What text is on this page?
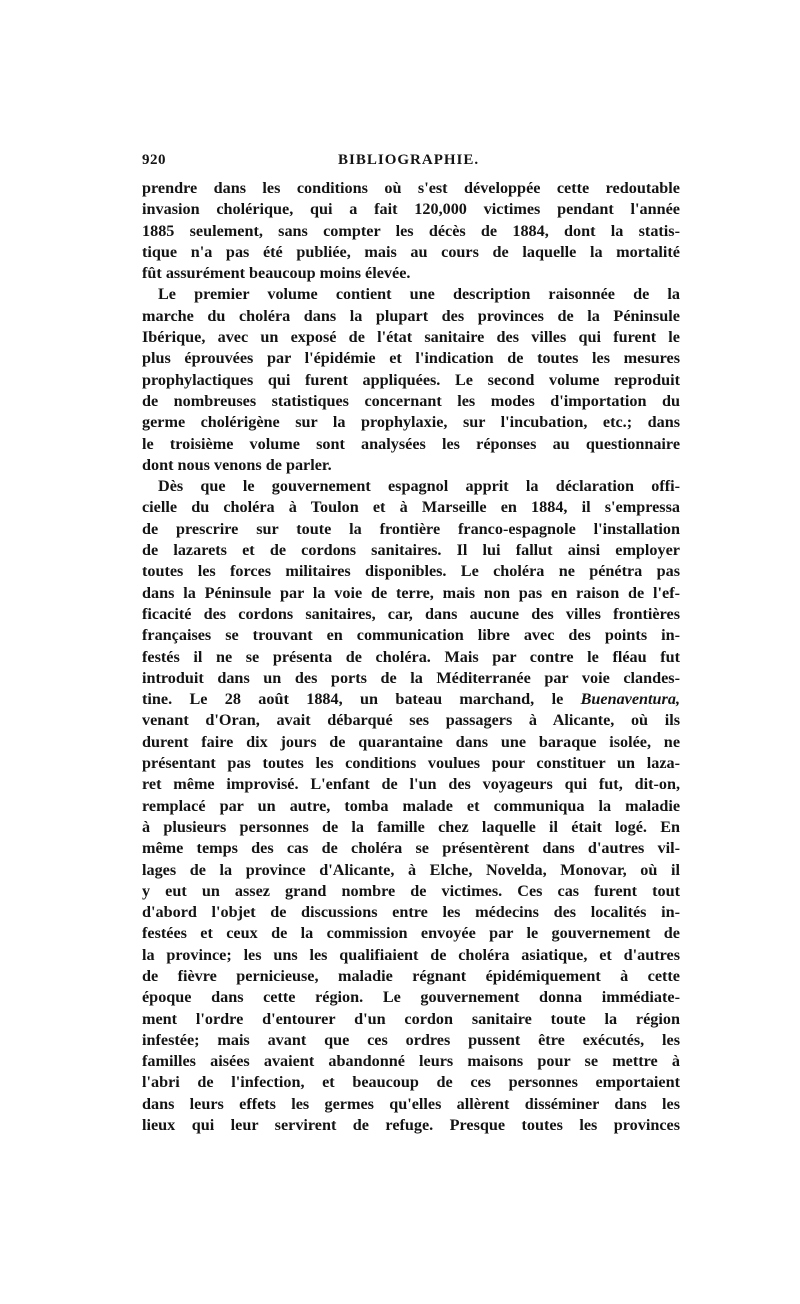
920	BIBLIOGRAPHIE.

prendre dans les conditions où s'est développée cette redoutable
invasion cholérique, qui a fait 120,000 victimes pendant l'année
1885 seulement, sans compter les décès de 1884, dont la statis-
tique n'a pas été publiée, mais au cours de laquelle la mortalité
fût assurément beaucoup moins élevée.

Le premier volume contient une description raisonnée de la
marche du choléra dans la plupart des provinces de la Péninsule
Ibérique, avec un exposé de l'état sanitaire des villes qui furent le
plus éprouvées par l'épidémie et l'indication de toutes les mesures
prophylactiques qui furent appliquées. Le second volume reproduit
de nombreuses statistiques concernant les modes d'importation du
germe cholérigène sur la prophylaxie, sur l'incubation, etc.; dans
le troisième volume sont analysées les réponses au questionnaire
dont nous venons de parler.

Dès que le gouvernement espagnol apprit la déclaration offi-
cielle du choléra à Toulon et à Marseille en 1884, il s'empressa
de prescrire sur toute la frontière franco-espagnole l'installation
de lazarets et de cordons sanitaires. Il lui fallut ainsi employer
toutes les forces militaires disponibles. Le choléra ne pénétra pas
dans la Péninsule par la voie de terre, mais non pas en raison de l'ef-
ficacité des cordons sanitaires, car, dans aucune des villes frontières
françaises se trouvant en communication libre avec des points in-
festés il ne se présenta de choléra. Mais par contre le fléau fut
introduit dans un des ports de la Méditerranée par voie clandes-
tine. Le 28 août 1884, un bateau marchand, le Buenaventura,
venant d'Oran, avait débarqué ses passagers à Alicante, où ils
durent faire dix jours de quarantaine dans une baraque isolée, ne
présentant pas toutes les conditions voulues pour constituer un laza-
ret même improvisé. L'enfant de l'un des voyageurs qui fut, dit-on,
remplacé par un autre, tomba malade et communiqua la maladie
à plusieurs personnes de la famille chez laquelle il était logé. En
même temps des cas de choléra se présentèrent dans d'autres vil-
lages de la province d'Alicante, à Elche, Novelda, Monovar, où il
y eut un assez grand nombre de victimes. Ces cas furent tout
d'abord l'objet de discussions entre les médecins des localités in-
festées et ceux de la commission envoyée par le gouvernement de
la province; les uns les qualifiaient de choléra asiatique, et d'autres
de fièvre pernicieuse, maladie régnant épidémiquement à cette
époque dans cette région. Le gouvernement donna immédiate-
ment l'ordre d'entourer d'un cordon sanitaire toute la région
infestée; mais avant que ces ordres pussent être exécutés, les
familles aisées avaient abandonné leurs maisons pour se mettre à
l'abri de l'infection, et beaucoup de ces personnes emportaient
dans leurs effets les germes qu'elles allèrent disséminer dans les
lieux qui leur servirent de refuge. Presque toutes les provinces
